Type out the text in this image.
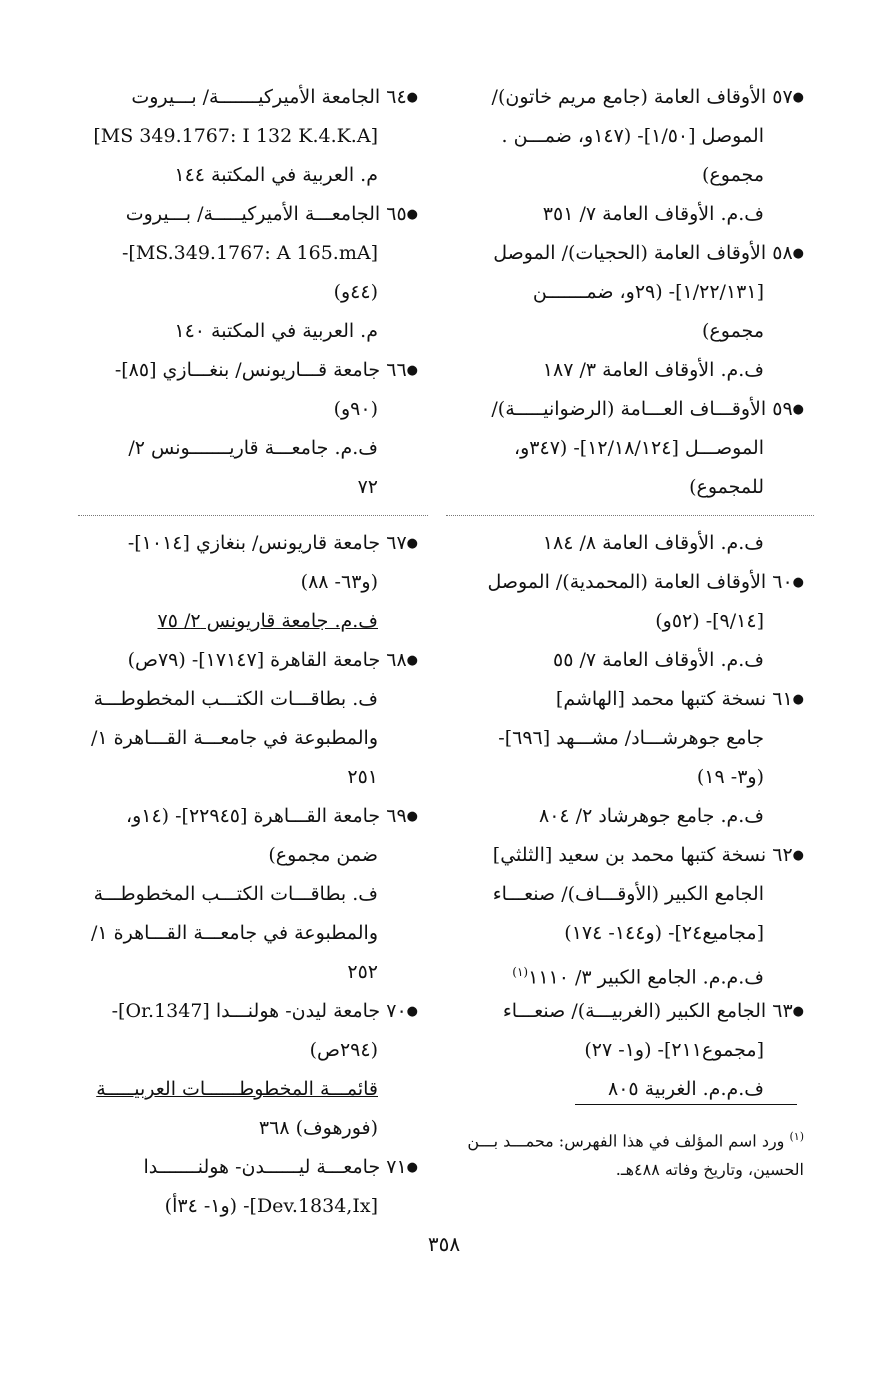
●٥٧ الأوقاف العامة (جامع مريم خاتون)/
الموصل [١/٥٠]- (١٤٧و، ضمـــن .
مجموع)
ف.م. الأوقاف العامة ٧/ ٣٥١
●٥٨ الأوقاف العامة (الحجيات)/ الموصل
[١/٢٢/١٣١]- (٢٩و، ضمـــــــن
مجموع)
ف.م. الأوقاف العامة ٣/ ١٨٧
●٥٩ الأوقـــاف العـــامة (الرضوانيـــــة)/
الموصـــل [١٢/١٨/١٢٤]- (٣٤٧و،
للمجموع)
ف.م. الأوقاف العامة ٨/ ١٨٤
●٦٠ الأوقاف العامة (المحمدية)/ الموصل
[٩/١٤]- (٥٢و)
ف.م. الأوقاف العامة ٧/ ٥٥
●٦١ نسخة كتبها محمد [الهاشم]
جامع جوهرشـــاد/ مشـــهد [٦٩٦]-
(و٣- ١٩)
ف.م. جامع جوهرشاد ٢/ ٨٠٤
●٦٢ نسخة كتبها محمد بن سعيد [الثلثي]
الجامع الكبير (الأوقـــاف)/ صنعـــاء
[مجاميع٢٤]- (و١٤٤- ١٧٤)
ف.م.م. الجامع الكبير ٣/ ١١١٠$^{(١)}$
●٦٣ الجامع الكبير (الغربيـــة)/ صنعـــاء
[مجموع٢١١]- (و١- ٢٧)
ف.م.م. الغربية ٨٠٥
●٦٤ الجامعة الأميركيـــــــة/ بـــيروت
[MS 349.1767: I 132 K.4.K.A]
م. العربية في المكتبة ١٤٤
●٦٥ الجامعـــة الأميركيـــــة/ بـــيروت
[MS.349.1767: A 165.mA]-
(٤٤و)
م. العربية في المكتبة ١٤٠
●٦٦ جامعة قـــاريونس/ بنغـــازي [٨٥]-
(٩٠و)
ف.م. جامعـــة قاريـــــــونس ٢/
٧٢
●٦٧ جامعة قاريونس/ بنغازي [١٠١٤]-
(و٦٣- ٨٨)
ف.م. جامعة قاريونس ٢/ ٧٥
●٦٨ جامعة القاهرة [١٧١٤٧]- (٧٩ص)
ف. بطاقـــات الكتـــب المخطوطـــة
والمطبوعة في جامعـــة القـــاهرة ١/
٢٥١
●٦٩ جامعة القـــاهرة [٢٢٩٤٥]- (١٤و،
ضمن مجموع)
ف. بطاقـــات الكتـــب المخطوطـــة
والمطبوعة في جامعـــة القـــاهرة ١/
٢٥٢
●٧٠ جامعة ليدن- هولنـــدا [Or.1347]-
(٢٩٤ص)
قائمـــة المخطوطــــــات العربيـــــة
(فورهوف) ٣٦٨
●٧١ جامعـــة ليــــــدن- هولنـــــــدا
[Dev.1834,Ix]- (و١- ٣٤أ)
$^{(١)}$ ورد اسم المؤلف في هذا الفهرس: محمـــد بـــن
الحسين، وتاريخ وفاته ٤٨٨هـ.
٣٥٨
